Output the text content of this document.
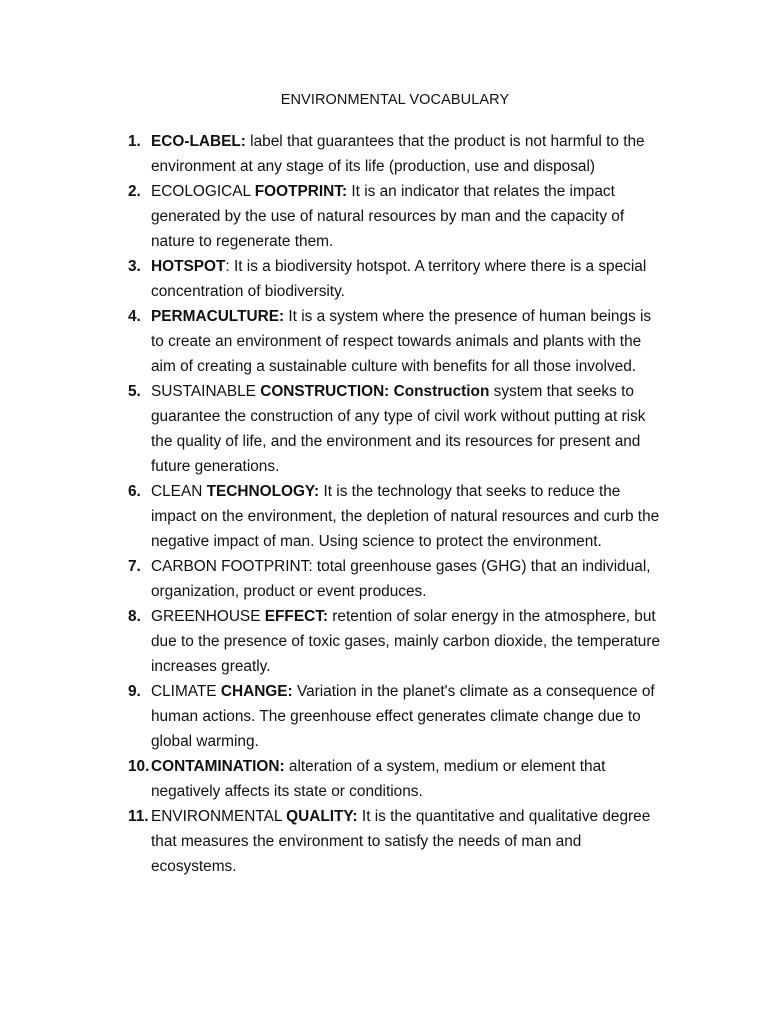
ENVIRONMENTAL VOCABULARY
1. ECO-LABEL: label that guarantees that the product is not harmful to the environment at any stage of its life (production, use and disposal)
2. ECOLOGICAL FOOTPRINT: It is an indicator that relates the impact generated by the use of natural resources by man and the capacity of nature to regenerate them.
3. HOTSPOT: It is a biodiversity hotspot. A territory where there is a special concentration of biodiversity.
4. PERMACULTURE: It is a system where the presence of human beings is to create an environment of respect towards animals and plants with the aim of creating a sustainable culture with benefits for all those involved.
5. SUSTAINABLE CONSTRUCTION: Construction system that seeks to guarantee the construction of any type of civil work without putting at risk the quality of life, and the environment and its resources for present and future generations.
6. CLEAN TECHNOLOGY: It is the technology that seeks to reduce the impact on the environment, the depletion of natural resources and curb the negative impact of man. Using science to protect the environment.
7. CARBON FOOTPRINT: total greenhouse gases (GHG) that an individual, organization, product or event produces.
8. GREENHOUSE EFFECT: retention of solar energy in the atmosphere, but due to the presence of toxic gases, mainly carbon dioxide, the temperature increases greatly.
9. CLIMATE CHANGE: Variation in the planet's climate as a consequence of human actions. The greenhouse effect generates climate change due to global warming.
10. CONTAMINATION: alteration of a system, medium or element that negatively affects its state or conditions.
11. ENVIRONMENTAL QUALITY: It is the quantitative and qualitative degree that measures the environment to satisfy the needs of man and ecosystems.
